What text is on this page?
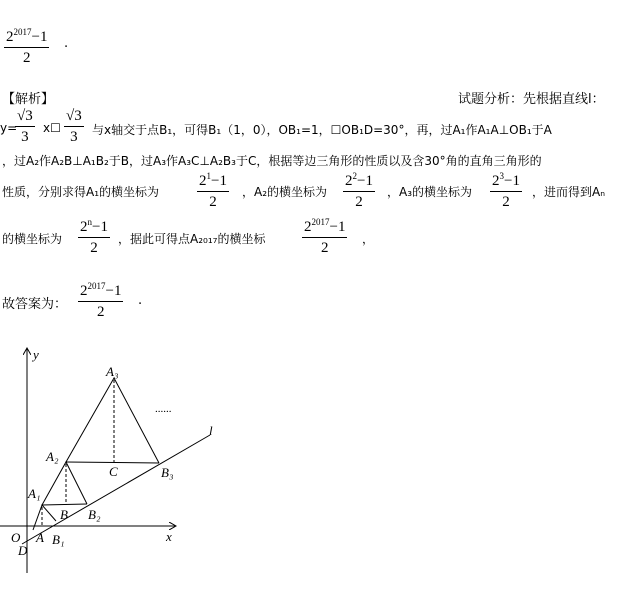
$\frac{2^{2017}-1}{2}$ .
【解析】	试题分析：先根据直线l：
y=
$\frac{√3}{3}$ x☐ $\frac{√3}{3}$ 与x轴交于点B₁，可得B₁（1，0），OB₁=1，☐OB₁D=30°，再，过A₁作A₁A⊥OB₁于A
，过A₂作A₂B⊥A₁B₂于B，过A₃作A₃C⊥A₂B₃于C，根据等边三角形的性质以及含30°角的直角三角形的
性质，分别求得A₁的横坐标为	$\frac{2^1-1}{2}$ ，A₂的横坐标为 $\frac{2^2-1}{2}$ ，A₃的横坐标为 $\frac{2^3-1}{2}$ ，进而得到Aₙ
的横坐标为 $\frac{2^n-1}{2}$ ，据此可得点A₂₀₁₇的横坐标 $\frac{2^{2017}-1}{2}$ ，
故答案为： $\frac{2^{2017}-1}{2}$ .
y
x
O
l
......
A₃
A₂
A₁
B₃
B₂
B₁
B
C
A
D
